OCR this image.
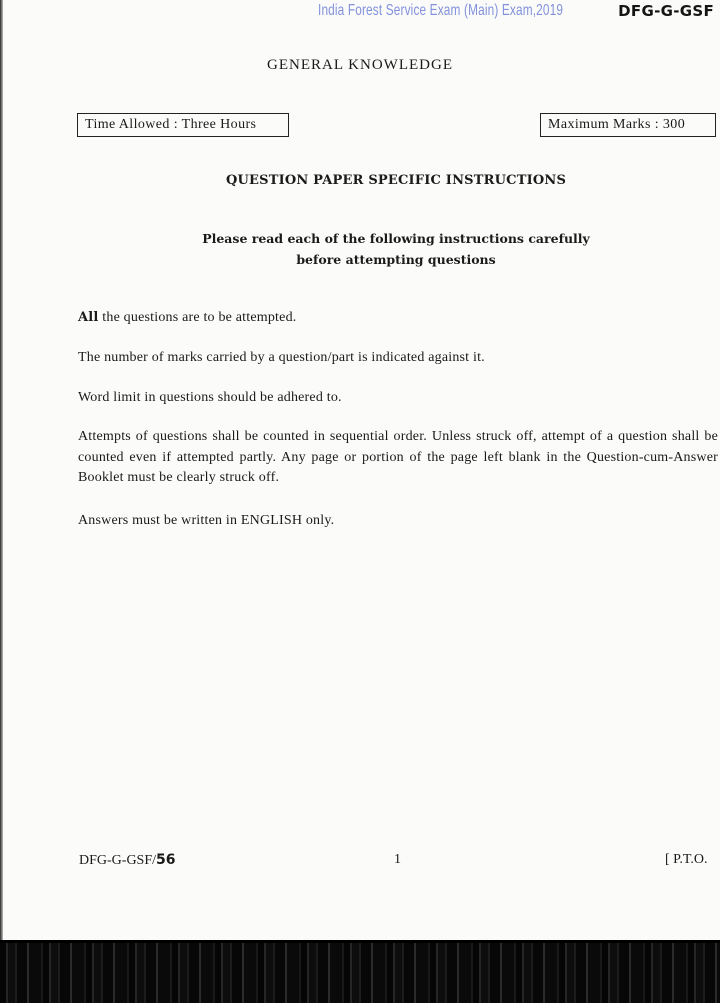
India Forest Service Exam (Main) Exam,2019	DFG-G-GSF
GENERAL KNOWLEDGE
Time Allowed : Three Hours	Maximum Marks : 300
QUESTION PAPER SPECIFIC INSTRUCTIONS
Please read each of the following instructions carefully
before attempting questions
All the questions are to be attempted.
The number of marks carried by a question/part is indicated against it.
Word limit in questions should be adhered to.
Attempts of questions shall be counted in sequential order. Unless struck off, attempt of a question shall be counted even if attempted partly. Any page or portion of the page left blank in the Question-cum-Answer Booklet must be clearly struck off.
Answers must be written in ENGLISH only.
DFG-G-GSF/56	1	[ P.T.O.
